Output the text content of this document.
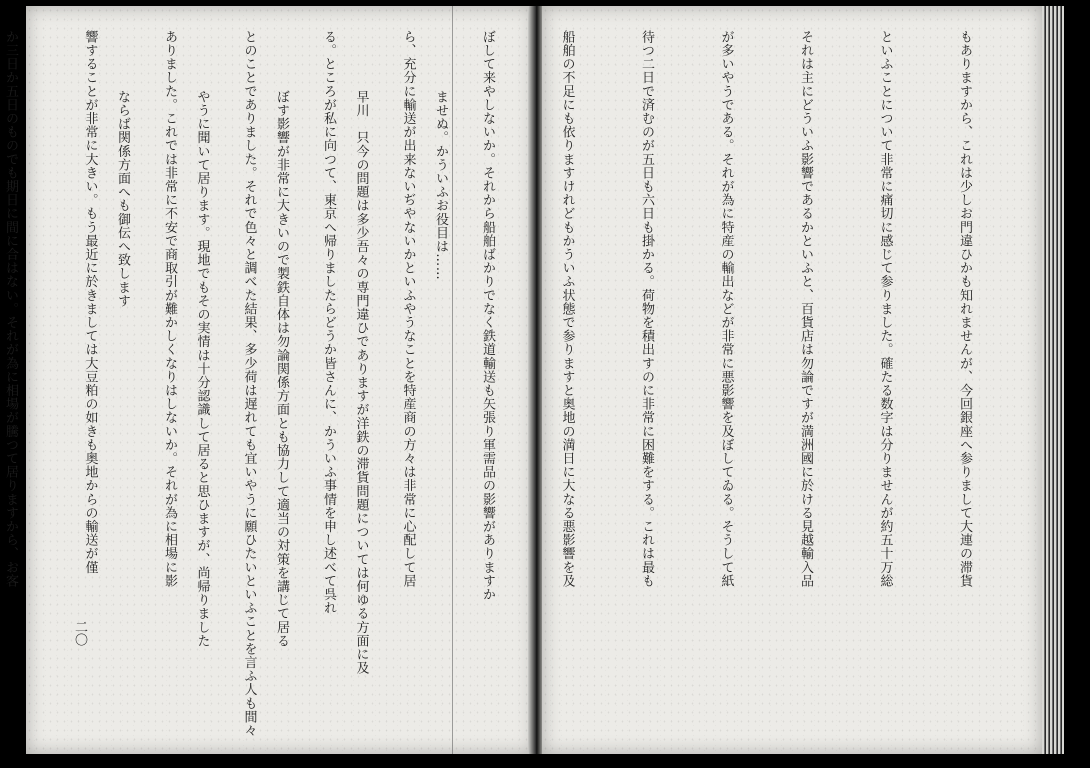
ませぬ。かういふお役目は……

早川　只今の問題は多少吾々の専門違ひでありますが洋鉄の滞貨問題については何ゆる方面に及

ぼす影響が非常に大きいので製鉄自体は勿論関係方面とも協力して適当の対策を講じて居る

やうに聞いて居ります。現地でもその実情は十分認識して居ると思ひますが、尚帰りました

ならば関係方面へも御伝へ致します

二〇

もありますから、これは少しお門違ひかも知れませんが、今回銀座へ参りまして大連の滞貨

といふことについて非常に痛切に感じて参りました。確たる数字は分りませんが約五十万総

それは主にどういふ影響であるかといふと、百貨店は勿論ですが満洲國に於ける見越輸入品

が多いやうである。それが為に特産の輸出などが非常に悪影響を及ぼしてゐる。そうして紙

待つ二日で済むのが五日も六日も掛かる。荷物を積出すのに非常に困難をする。これは最も

船舶の不足にも依りますけれどもかういふ状態で参りますと奥地の満日に大なる悪影響を及

ぼして来やしないか。それから船舶ばかりでなく鉄道輸送も矢張り軍需品の影響がありますか

ら、充分に輸送が出来ないぢやないかといふやうなことを特産商の方々は非常に心配して居

る。ところが私に向つて、東京へ帰りましたらどうか皆さんに、かういふ事情を申し述べて呉れ

とのことでありました。それで色々と調べた結果、多少荷は遅れても宜いやうに願ひたいといふことを言ふ人も間々

ありました。これでは非常に不安で商取引が難かしくなりはしないか。それが為に相場に影

響することが非常に大きい。もう最近に於きましては大豆粕の如きも奥地からの輸送が僅

か三日か五日のものでも期日に間に合はない。それが為に相場が騰つて居りますから、お客
